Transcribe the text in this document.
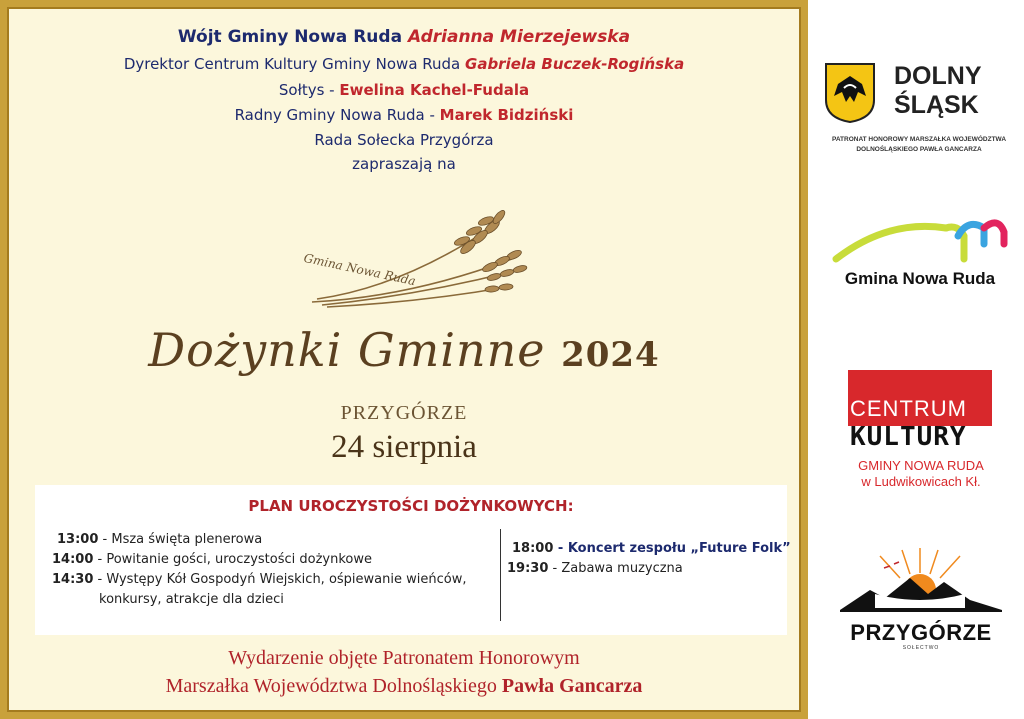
Wójt Gminy Nowa Ruda Adrianna Mierzejewska
Dyrektor Centrum Kultury Gminy Nowa Ruda Gabriela Buczek-Rogińska
Sołtys - Ewelina Kachel-Fudala
Radny Gminy Nowa Ruda - Marek Bidziński
Rada Sołecka Przygórza
zapraszają na
Gmina Nowa Ruda
Dożynki Gminne 2024
PRZYGÓRZE
24 sierpnia
PLAN UROCZYSTOŚCI DOŻYNKOWYCH:
13:00 - Msza święta plenerowa
14:00 - Powitanie gości, uroczystości dożynkowe
14:30 - Występy Kół Gospodyń Wiejskich, ośpiewanie wieńców,
konkursy, atrakcje dla dzieci
18:00 - Koncert zespołu „Future Folk”
19:30 - Zabawa muzyczna
Wydarzenie objęte Patronatem Honorowym
Marszałka Województwa Dolnośląskiego Pawła Gancarza
DOLNY
ŚLĄSK
PATRONAT HONOROWY MARSZAŁKA WOJEWÓDZTWA
DOLNOŚLĄSKIEGO PAWŁA GANCARZA
Gmina Nowa Ruda
CENTRUM
KULTURY
GMINY NOWA RUDA
w Ludwikowicach Kł.
PRZYGÓRZE
SOŁECTWO
